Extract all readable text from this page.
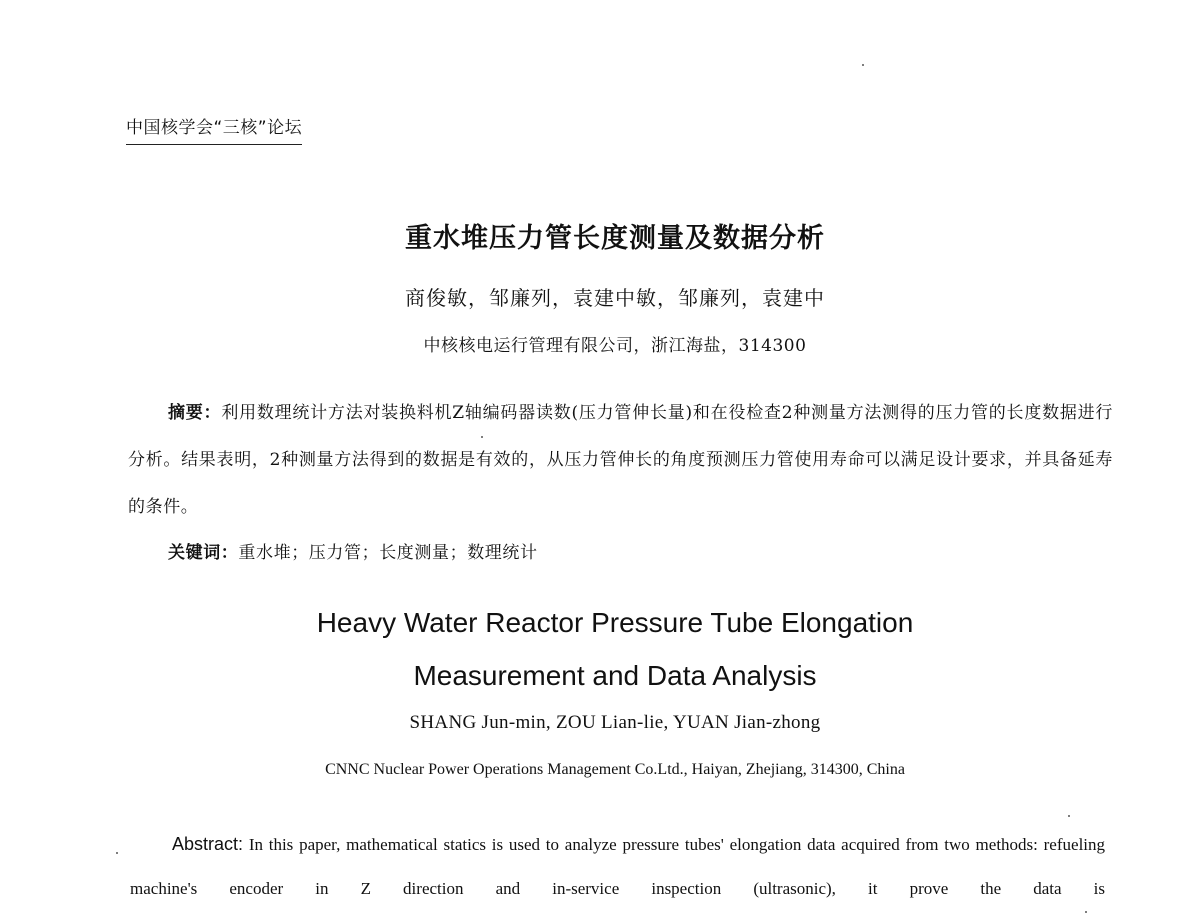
中国核学会“三核”论坛
重水堆压力管长度测量及数据分析
商俊敏，邹廉列，袁建中敏，邹廉列，袁建中
中核核电运行管理有限公司，浙江海盐，314300
摘要：利用数理统计方法对装换料机Z轴编码器读数(压力管伸长量)和在役检查2种测量方法测得的压力管的长度数据进行分析。结果表明，2种测量方法得到的数据是有效的，从压力管伸长的角度预测压力管使用寿命可以满足设计要求，并具备延寿的条件。
关键词：重水堆；压力管；长度测量；数理统计
Heavy Water Reactor Pressure Tube Elongation
Measurement and Data Analysis
SHANG Jun-min, ZOU Lian-lie, YUAN Jian-zhong
CNNC Nuclear Power Operations Management Co.Ltd., Haiyan, Zhejiang, 314300, China
Abstract: In this paper, mathematical statics is used to analyze pressure tubes' elongation data acquired from two methods: refueling machine's encoder in Z direction and in-service inspection (ultrasonic), it prove the data is
